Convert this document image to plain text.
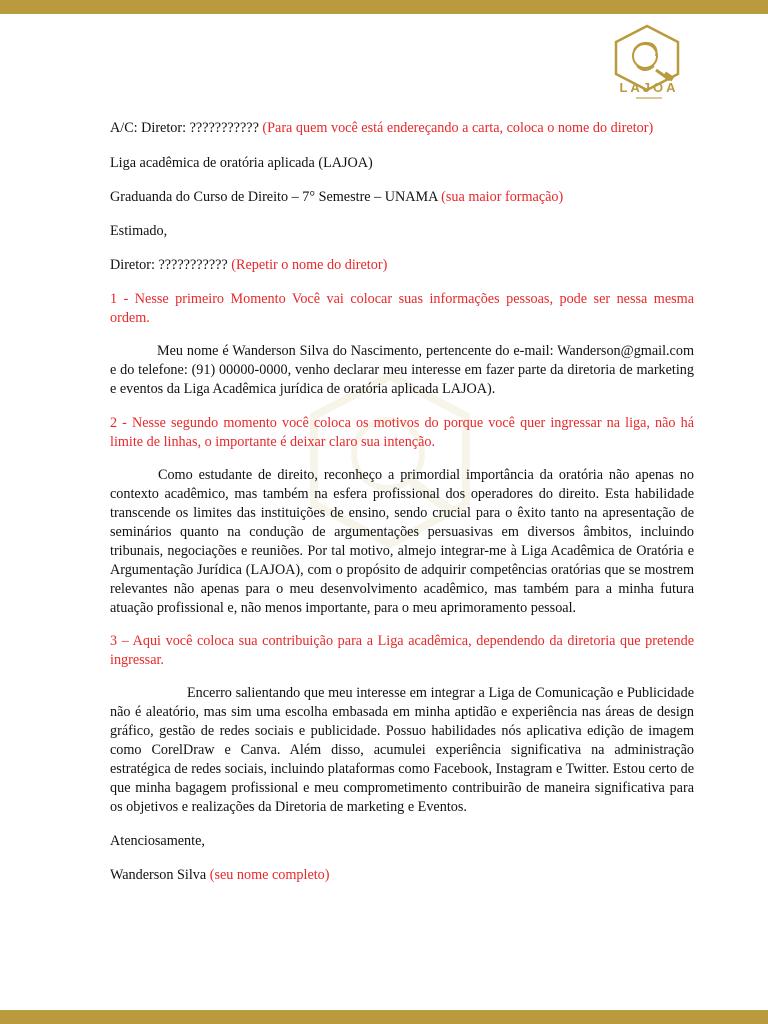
LAJOA

A/C: Diretor: ??????????? (Para quem você está endereçando a carta, coloca o nome do diretor)

Liga acadêmica de oratória aplicada (LAJOA)

Graduanda do Curso de Direito – 7° Semestre – UNAMA (sua maior formação)

Estimado,

Diretor: ??????????? (Repetir o nome do diretor)

1 - Nesse primeiro Momento Você vai colocar suas informações pessoas, pode ser nessa mesma ordem.

Meu nome é Wanderson Silva do Nascimento, pertencente do e-mail: Wanderson@gmail.com e do telefone: (91) 00000-0000, venho declarar meu interesse em fazer parte da diretoria de marketing e eventos da Liga Acadêmica jurídica de oratória aplicada LAJOA).

2 - Nesse segundo momento você coloca os motivos do porque você quer ingressar na liga, não há limite de linhas, o importante é deixar claro sua intenção.

Como estudante de direito, reconheço a primordial importância da oratória não apenas no contexto acadêmico, mas também na esfera profissional dos operadores do direito. Esta habilidade transcende os limites das instituições de ensino, sendo crucial para o êxito tanto na apresentação de seminários quanto na condução de argumentações persuasivas em diversos âmbitos, incluindo tribunais, negociações e reuniões. Por tal motivo, almejo integrar-me à Liga Acadêmica de Oratória e Argumentação Jurídica (LAJOA), com o propósito de adquirir competências oratórias que se mostrem relevantes não apenas para o meu desenvolvimento acadêmico, mas também para a minha futura atuação profissional e, não menos importante, para o meu aprimoramento pessoal.

3 – Aqui você coloca sua contribuição para a Liga acadêmica, dependendo da diretoria que pretende ingressar.

Encerro salientando que meu interesse em integrar a Liga de Comunicação e Publicidade não é aleatório, mas sim uma escolha embasada em minha aptidão e experiência nas áreas de design gráfico, gestão de redes sociais e publicidade. Possuo habilidades nós aplicativa edição de imagem como CorelDraw e Canva. Além disso, acumulei experiência significativa na administração estratégica de redes sociais, incluindo plataformas como Facebook, Instagram e Twitter. Estou certo de que minha bagagem profissional e meu comprometimento contribuirão de maneira significativa para os objetivos e realizações da Diretoria de marketing e Eventos.

Atenciosamente,

Wanderson Silva (seu nome completo)
